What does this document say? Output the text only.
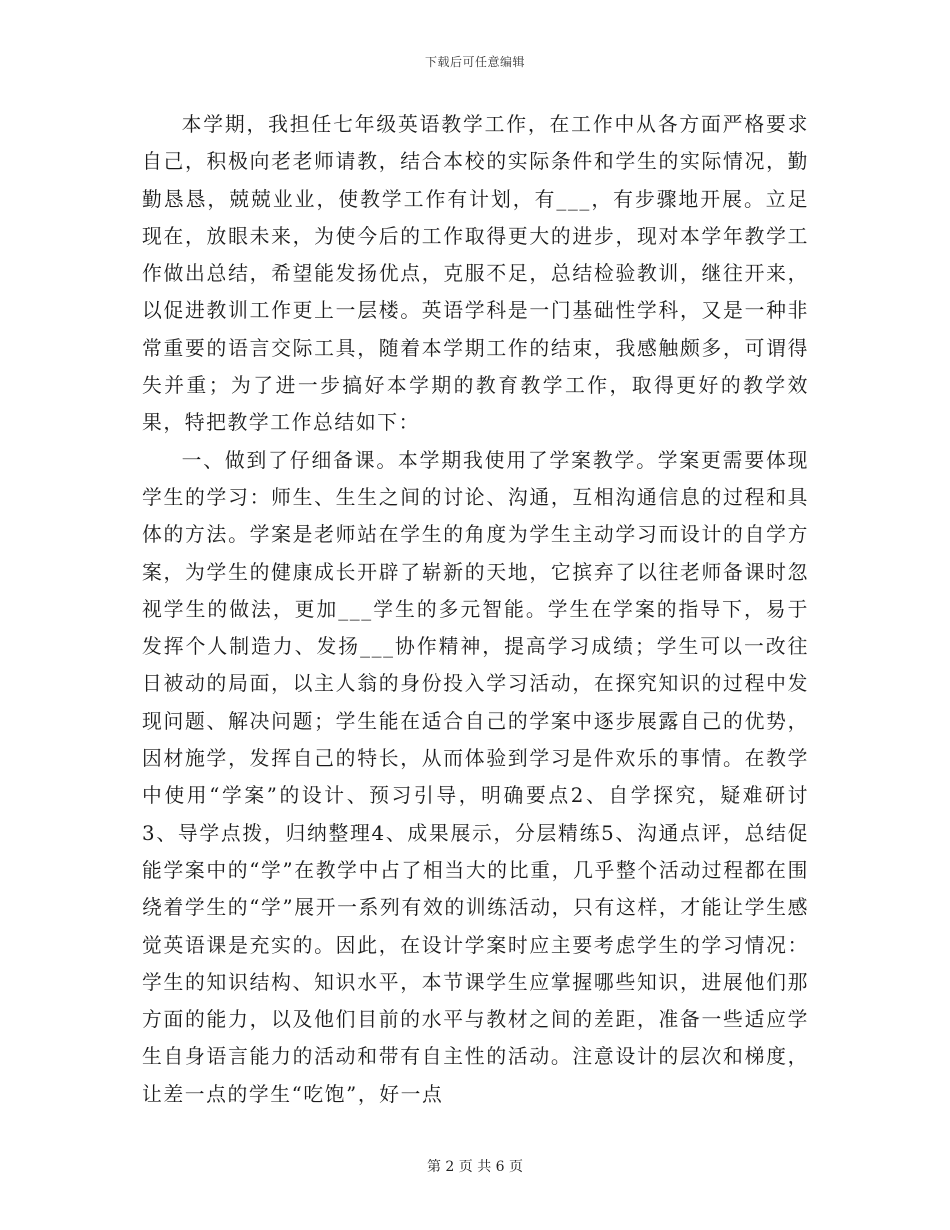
下载后可任意编辑

本学期，我担任七年级英语教学工作，在工作中从各方面严格要求自己，积极向老老师请教，结合本校的实际条件和学生的实际情况，勤勤恳恳，兢兢业业，使教学工作有计划，有___，有步骤地开展。立足现在，放眼未来，为使今后的工作取得更大的进步，现对本学年教学工作做出总结，希望能发扬优点，克服不足，总结检验教训，继往开来，以促进教训工作更上一层楼。英语学科是一门基础性学科，又是一种非常重要的语言交际工具，随着本学期工作的结束，我感触颇多，可谓得失并重；为了进一步搞好本学期的教育教学工作，取得更好的教学效果，特把教学工作总结如下：

一、做到了仔细备课。本学期我使用了学案教学。学案更需要体现学生的学习：师生、生生之间的讨论、沟通，互相沟通信息的过程和具体的方法。学案是老师站在学生的角度为学生主动学习而设计的自学方案，为学生的健康成长开辟了崭新的天地，它摈弃了以往老师备课时忽视学生的做法，更加___学生的多元智能。学生在学案的指导下，易于发挥个人制造力、发扬___协作精神，提高学习成绩；学生可以一改往日被动的局面，以主人翁的身份投入学习活动，在探究知识的过程中发现问题、解决问题；学生能在适合自己的学案中逐步展露自己的优势，因材施学，发挥自己的特长，从而体验到学习是件欢乐的事情。在教学中使用“学案”的设计、预习引导，明确要点2、自学探究，疑难研讨3、导学点拨，归纳整理4、成果展示，分层精练5、沟通点评，总结促能学案中的“学”在教学中占了相当大的比重，几乎整个活动过程都在围绕着学生的“学”展开一系列有效的训练活动，只有这样，才能让学生感觉英语课是充实的。因此，在设计学案时应主要考虑学生的学习情况：学生的知识结构、知识水平，本节课学生应掌握哪些知识，进展他们那方面的能力，以及他们目前的水平与教材之间的差距，准备一些适应学生自身语言能力的活动和带有自主性的活动。注意设计的层次和梯度，让差一点的学生“吃饱”，好一点

第 2 页 共 6 页
